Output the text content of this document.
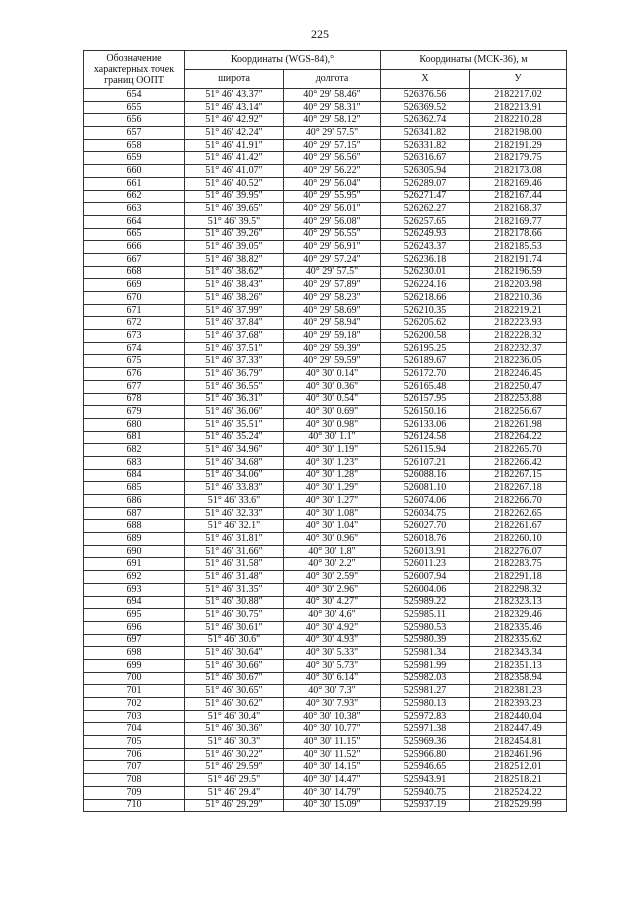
225
Обозначение характерных точек границ ООПТ	Координаты (WGS-84),°		Координаты (МСК-36), м	
	широта	долгота	X	У
654	51° 46' 43.37"	40° 29' 58.46"	526376.56	2182217.02
655	51° 46' 43.14"	40° 29' 58.31"	526369.52	2182213.91
656	51° 46' 42.92"	40° 29' 58.12"	526362.74	2182210.28
657	51° 46' 42.24"	40° 29' 57.5"	526341.82	2182198.00
658	51° 46' 41.91"	40° 29' 57.15"	526331.82	2182191.29
659	51° 46' 41.42"	40° 29' 56.56"	526316.67	2182179.75
660	51° 46' 41.07"	40° 29' 56.22"	526305.94	2182173.08
661	51° 46' 40.52"	40° 29' 56.04"	526289.07	2182169.46
662	51° 46' 39.95"	40° 29' 55.95"	526271.47	2182167.44
663	51° 46' 39.65"	40° 29' 56.01"	526262.27	2182168.37
664	51° 46' 39.5"	40° 29' 56.08"	526257.65	2182169.77
665	51° 46' 39.26"	40° 29' 56.55"	526249.93	2182178.66
666	51° 46' 39.05"	40° 29' 56.91"	526243.37	2182185.53
667	51° 46' 38.82"	40° 29' 57.24"	526236.18	2182191.74
668	51° 46' 38.62"	40° 29' 57.5"	526230.01	2182196.59
669	51° 46' 38.43"	40° 29' 57.89"	526224.16	2182203.98
670	51° 46' 38.26"	40° 29' 58.23"	526218.66	2182210.36
671	51° 46' 37.99"	40° 29' 58.69"	526210.35	2182219.21
672	51° 46' 37.84"	40° 29' 58.94"	526205.62	2182223.93
673	51° 46' 37.68"	40° 29' 59.18"	526200.58	2182228.32
674	51° 46' 37.51"	40° 29' 59.39"	526195.25	2182232.37
675	51° 46' 37.33"	40° 29' 59.59"	526189.67	2182236.05
676	51° 46' 36.79"	40° 30' 0.14"	526172.70	2182246.45
677	51° 46' 36.55"	40° 30' 0.36"	526165.48	2182250.47
678	51° 46' 36.31"	40° 30' 0.54"	526157.95	2182253.88
679	51° 46' 36.06"	40° 30' 0.69"	526150.16	2182256.67
680	51° 46' 35.51"	40° 30' 0.98"	526133.06	2182261.98
681	51° 46' 35.24"	40° 30' 1.1"	526124.58	2182264.22
682	51° 46' 34.96"	40° 30' 1.19"	526115.94	2182265.70
683	51° 46' 34.68"	40° 30' 1.23"	526107.21	2182266.42
684	51° 46' 34.06"	40° 30' 1.28"	526088.16	2182267.15
685	51° 46' 33.83"	40° 30' 1.29"	526081.10	2182267.18
686	51° 46' 33.6"	40° 30' 1.27"	526074.06	2182266.70
687	51° 46' 32.33"	40° 30' 1.08"	526034.75	2182262.65
688	51° 46' 32.1"	40° 30' 1.04"	526027.70	2182261.67
689	51° 46' 31.81"	40° 30' 0.96"	526018.76	2182260.10
690	51° 46' 31.66"	40° 30' 1.8"	526013.91	2182276.07
691	51° 46' 31.58"	40° 30' 2.2"	526011.23	2182283.75
692	51° 46' 31.48"	40° 30' 2.59"	526007.94	2182291.18
693	51° 46' 31.35"	40° 30' 2.96"	526004.06	2182298.32
694	51° 46' 30.88"	40° 30' 4.27"	525989.22	2182323.13
695	51° 46' 30.75"	40° 30' 4.6"	525985.11	2182329.46
696	51° 46' 30.61"	40° 30' 4.92"	525980.53	2182335.46
697	51° 46' 30.6"	40° 30' 4.93"	525980.39	2182335.62
698	51° 46' 30.64"	40° 30' 5.33"	525981.34	2182343.34
699	51° 46' 30.66"	40° 30' 5.73"	525981.99	2182351.13
700	51° 46' 30.67"	40° 30' 6.14"	525982.03	2182358.94
701	51° 46' 30.65"	40° 30' 7.3"	525981.27	2182381.23
702	51° 46' 30.62"	40° 30' 7.93"	525980.13	2182393.23
703	51° 46' 30.4"	40° 30' 10.38"	525972.83	2182440.04
704	51° 46' 30.36"	40° 30' 10.77"	525971.38	2182447.49
705	51° 46' 30.3"	40° 30' 11.15"	525969.36	2182454.81
706	51° 46' 30.22"	40° 30' 11.52"	525966.80	2182461.96
707	51° 46' 29.59"	40° 30' 14.15"	525946.65	2182512.01
708	51° 46' 29.5"	40° 30' 14.47"	525943.91	2182518.21
709	51° 46' 29.4"	40° 30' 14.79"	525940.75	2182524.22
710	51° 46' 29.29"	40° 30' 15.09"	525937.19	2182529.99
